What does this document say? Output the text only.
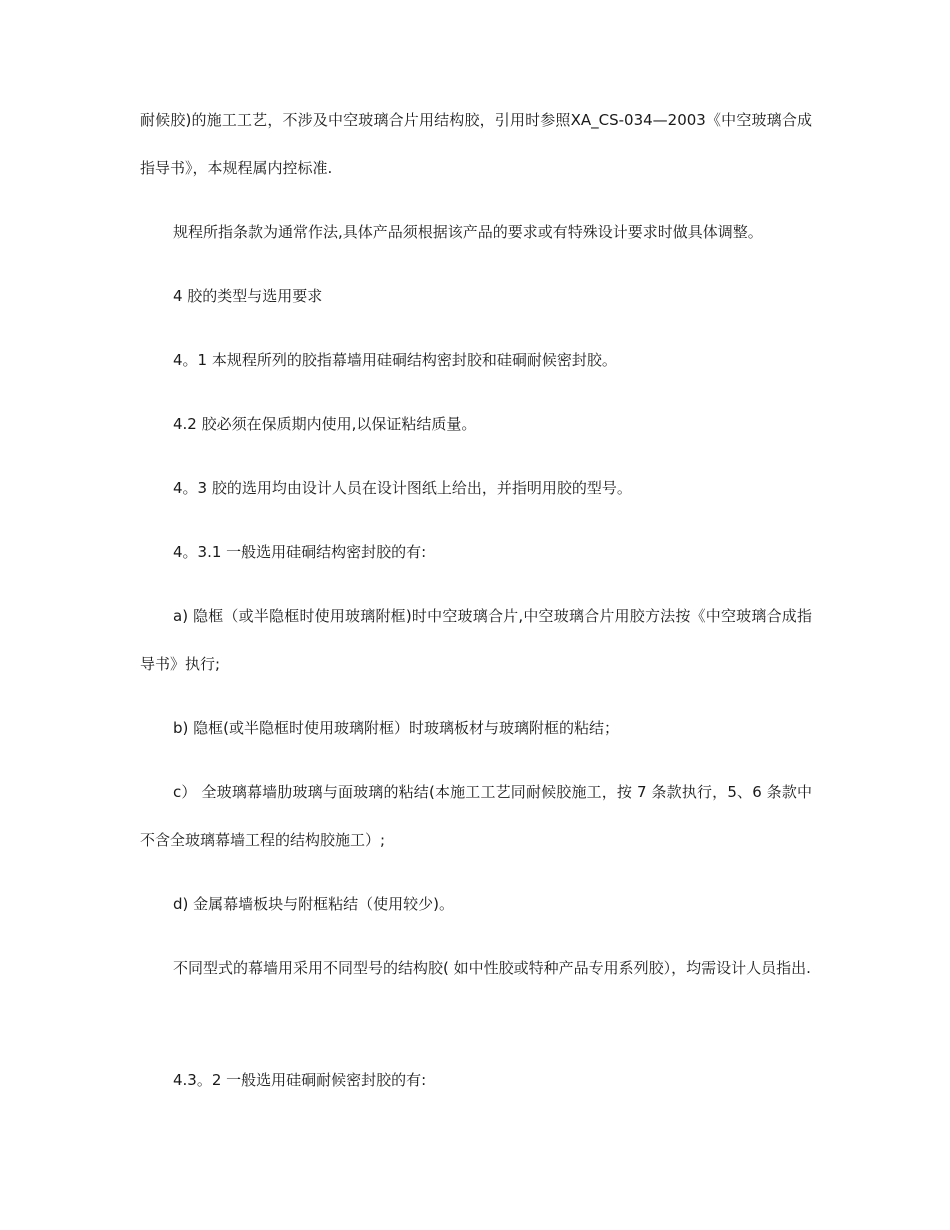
耐候胶)的施工工艺，不涉及中空玻璃合片用结构胶，引用时参照XA_CS-034—2003《中空玻璃合成指导书》，本规程属内控标准.

规程所指条款为通常作法,具体产品须根据该产品的要求或有特殊设计要求时做具体调整。

4 胶的类型与选用要求

4。1 本规程所列的胶指幕墙用硅硐结构密封胶和硅硐耐候密封胶。

4.2 胶必须在保质期内使用,以保证粘结质量。

4。3 胶的选用均由设计人员在设计图纸上给出，并指明用胶的型号。

4。3.1 一般选用硅硐结构密封胶的有:

a) 隐框（或半隐框时使用玻璃附框)时中空玻璃合片,中空玻璃合片用胶方法按《中空玻璃合成指导书》执行;

b) 隐框(或半隐框时使用玻璃附框）时玻璃板材与玻璃附框的粘结；

c） 全玻璃幕墙肋玻璃与面玻璃的粘结(本施工工艺同耐候胶施工，按 7 条款执行，5、6 条款中不含全玻璃幕墙工程的结构胶施工）;

d) 金属幕墙板块与附框粘结（使用较少)。

不同型式的幕墙用采用不同型号的结构胶( 如中性胶或特种产品专用系列胶），均需设计人员指出.

4.3。2 一般选用硅硐耐候密封胶的有:
